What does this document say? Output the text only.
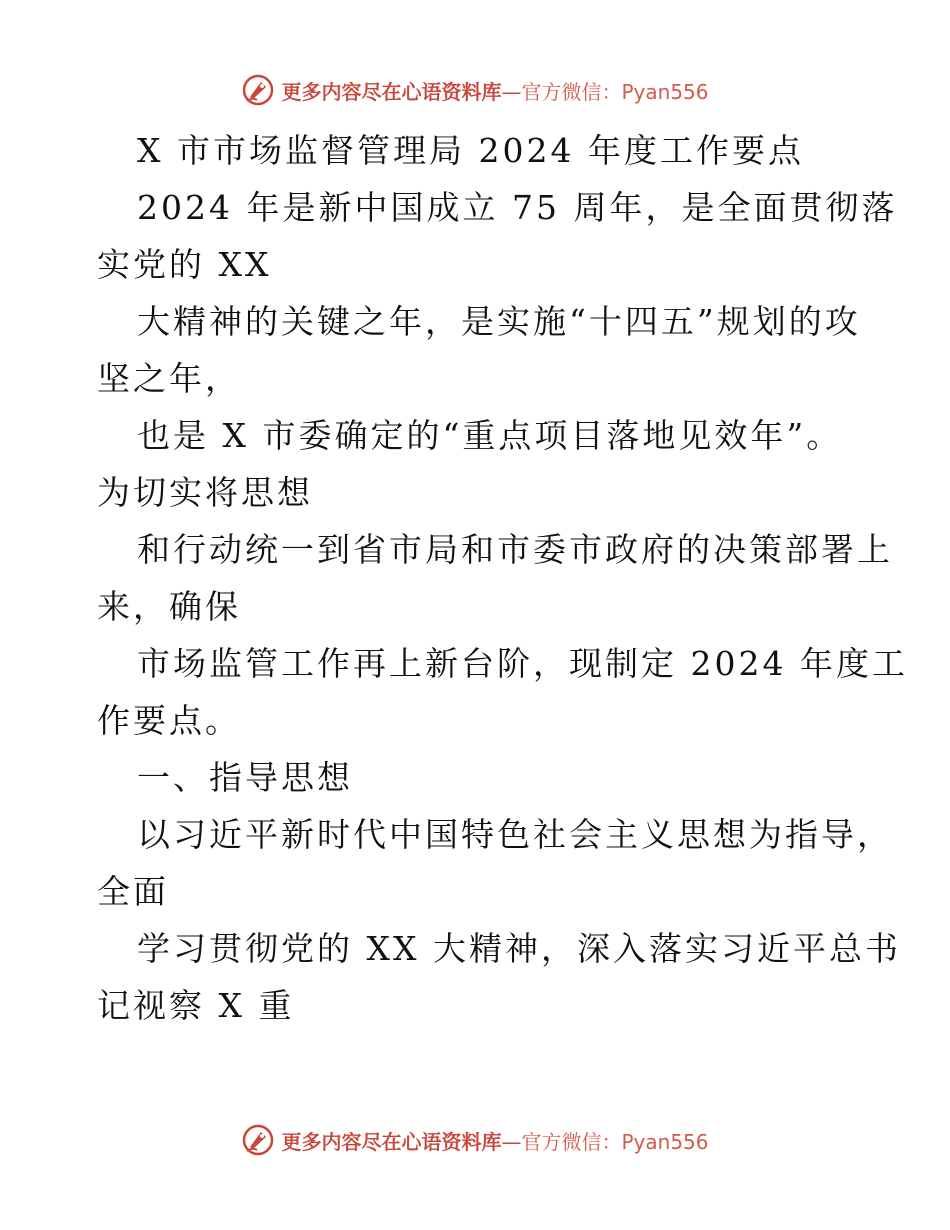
更多内容尽在心语资料库—官方微信：Pyan556
X 市市场监督管理局 2024 年度工作要点
2024 年是新中国成立 75 周年，是全面贯彻落
实党的 XX
大精神的关键之年，是实施“十四五”规划的攻
坚之年，
也是 X 市委确定的“重点项目落地见效年”。
为切实将思想
和行动统一到省市局和市委市政府的决策部署上
来，确保
市场监管工作再上新台阶，现制定 2024 年度工
作要点。
一、指导思想
以习近平新时代中国特色社会主义思想为指导，
全面
学习贯彻党的 XX 大精神，深入落实习近平总书
记视察 X 重
更多内容尽在心语资料库—官方微信：Pyan556
